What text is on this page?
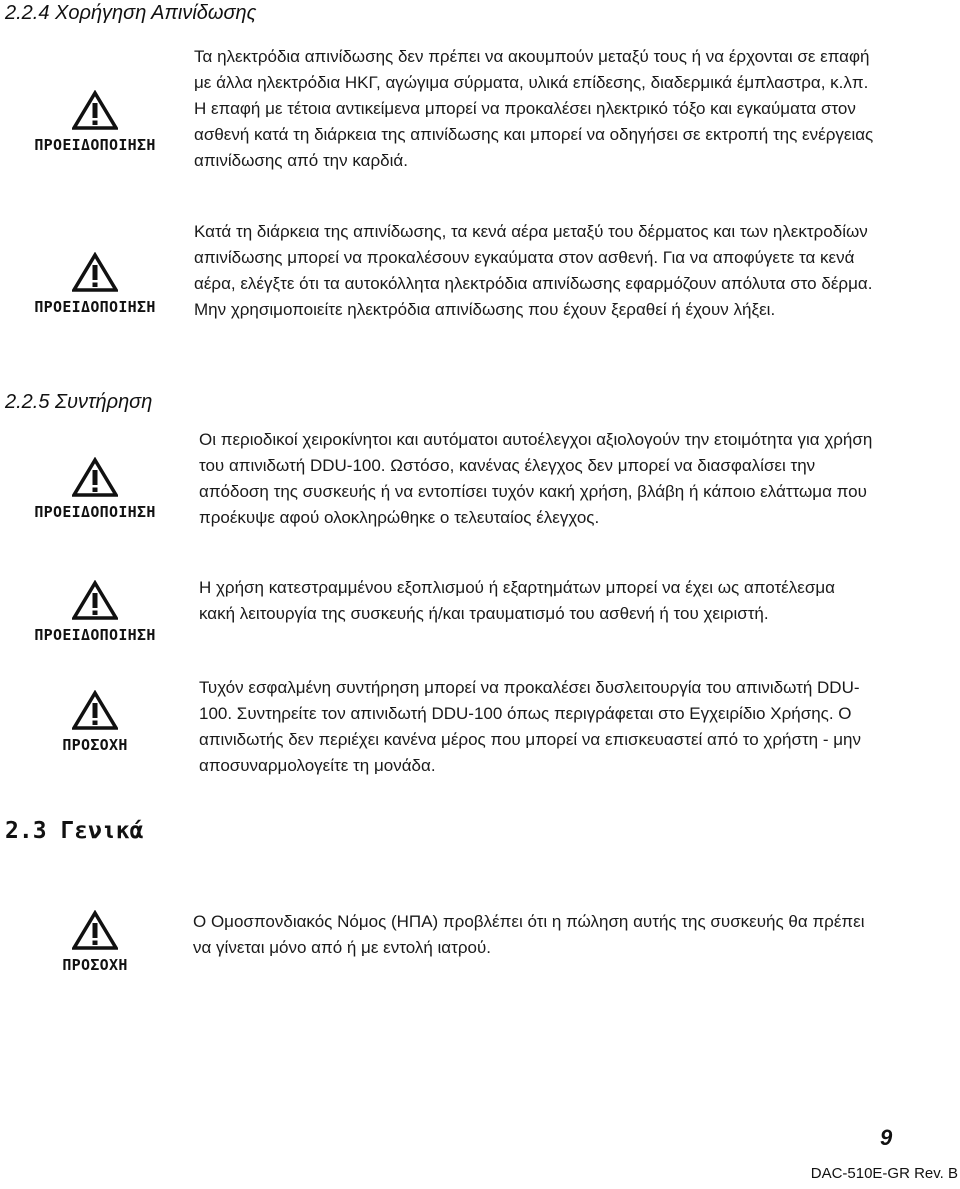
2.2.4 Χορήγηση Απινίδωσης
ΠΡΟΕΙΔΟΠΟΙΗΣΗ

Τα ηλεκτρόδια απινίδωσης δεν πρέπει να ακουμπούν μεταξύ τους ή να έρχονται σε επαφή με άλλα ηλεκτρόδια ΗΚΓ, αγώγιμα σύρματα, υλικά επίδεσης, διαδερμικά έμπλαστρα, κ.λπ. Η επαφή με τέτοια αντικείμενα μπορεί να προκαλέσει ηλεκτρικό τόξο και εγκαύματα στον ασθενή κατά τη διάρκεια της απινίδωσης και μπορεί να οδηγήσει σε εκτροπή της ενέργειας απινίδωσης από την καρδιά.

ΠΡΟΕΙΔΟΠΟΙΗΣΗ

Κατά τη διάρκεια της απινίδωσης, τα κενά αέρα μεταξύ του δέρματος και των ηλεκτροδίων απινίδωσης μπορεί να προκαλέσουν εγκαύματα στον ασθενή. Για να αποφύγετε τα κενά αέρα, ελέγξτε ότι τα αυτοκόλλητα ηλεκτρόδια απινίδωσης εφαρμόζουν απόλυτα στο δέρμα. Μην χρησιμοποιείτε ηλεκτρόδια απινίδωσης που έχουν ξεραθεί ή έχουν λήξει.

2.2.5 Συντήρηση
ΠΡΟΕΙΔΟΠΟΙΗΣΗ

Οι περιοδικοί χειροκίνητοι και αυτόματοι αυτοέλεγχοι αξιολογούν την ετοιμότητα για χρήση του απινιδωτή DDU-100. Ωστόσο, κανένας έλεγχος δεν μπορεί να διασφαλίσει την απόδοση της συσκευής ή να εντοπίσει τυχόν κακή χρήση, βλάβη ή κάποιο ελάττωμα που προέκυψε αφού ολοκληρώθηκε ο τελευταίος έλεγχος.

ΠΡΟΕΙΔΟΠΟΙΗΣΗ

Η χρήση κατεστραμμένου εξοπλισμού ή εξαρτημάτων μπορεί να έχει ως αποτέλεσμα κακή λειτουργία της συσκευής ή/και τραυματισμό του ασθενή ή του χειριστή.

ΠΡΟΣΟΧΗ

Τυχόν εσφαλμένη συντήρηση μπορεί να προκαλέσει δυσλειτουργία του απινιδωτή DDU-100. Συντηρείτε τον απινιδωτή DDU-100 όπως περιγράφεται στο Εγχειρίδιο Χρήσης. Ο απινιδωτής δεν περιέχει κανένα μέρος που μπορεί να επισκευαστεί από το χρήστη - μην αποσυναρμολογείτε τη μονάδα.

2.3 Γενικά
ΠΡΟΣΟΧΗ

Ο Ομοσπονδιακός Νόμος (ΗΠΑ) προβλέπει ότι η πώληση αυτής της συσκευής θα πρέπει να γίνεται μόνο από ή με εντολή ιατρού.

9
DAC-510E-GR Rev. B
